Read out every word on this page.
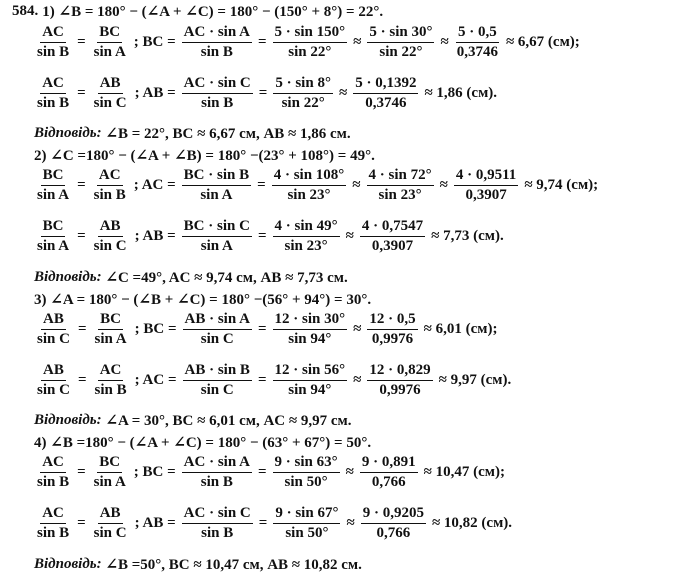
584. 1) ∠B = 180° − (∠A + ∠C) = 180° − (150° + 8°) = 22°.
$\frac{AC}{\text{sin B}} = \frac{BC}{\text{sin A}}$ ; BC = $\frac{\text{AC · sin A}}{\text{sin B}} = \frac{5 \cdot \sin 150^\circ}{\sin 22^\circ} \approx \frac{5 \cdot \sin 30^\circ}{\sin 22^\circ} \approx \frac{5 \cdot 0,5}{0,3746} \approx 6,67$ (см);
$\frac{AC}{\text{sin B}} = \frac{AB}{\text{sin C}}$ ; AB = $\frac{\text{AC · sin C}}{\text{sin B}} = \frac{5 \cdot \sin 8^\circ}{\sin 22^\circ} \approx \frac{5 \cdot 0,1392}{0,3746} \approx 1,86$ (см).
Відповідь:
∠B = 22°, BC ≈ 6,67 см, AB ≈ 1,86 см.
2) ∠C =180° − (∠A + ∠B) = 180° −(23° + 108°) = 49°.
$\frac{BC}{\text{sin A}} = \frac{AC}{\text{sin B}}$ ; AC = $\frac{\text{BC · sin B}}{\text{sin A}} = \frac{4 \cdot \sin 108^\circ}{\sin 23^\circ} \approx \frac{4 \cdot \sin 72^\circ}{\sin 23^\circ} \approx \frac{4 \cdot 0,9511}{0,3907} \approx 9,74$ (см);
$\frac{BC}{\text{sin A}} = \frac{AB}{\text{sin C}}$ ; AB = $\frac{\text{BC · sin C}}{\text{sin A}} = \frac{4 \cdot \sin 49^\circ}{\sin 23^\circ} \approx \frac{4 \cdot 0,7547}{0,3907} \approx 7,73$ (см).
Відповідь:
∠C =49°, AC ≈ 9,74 см, AB ≈ 7,73 см.
3) ∠A = 180° − (∠B + ∠C) = 180° −(56° + 94°) = 30°.
$\frac{AB}{\text{sin C}} = \frac{BC}{\text{sin A}}$ ; BC = $\frac{\text{AB · sin A}}{\text{sin C}} = \frac{12 \cdot \sin 30^\circ}{\sin 94^\circ} \approx \frac{12 \cdot 0,5}{0,9976} \approx 6,01$ (см);
$\frac{AB}{\text{sin C}} = \frac{AC}{\text{sin B}}$ ; AC = $\frac{\text{AB · sin B}}{\text{sin C}} = \frac{12 \cdot \sin 56^\circ}{\sin 94^\circ} \approx \frac{12 \cdot 0,829}{0,9976} \approx 9,97$ (см).
Відповідь:
∠A = 30°, BC ≈ 6,01 см, AC ≈ 9,97 см.
4) ∠B =180° − (∠A + ∠C) = 180° − (63° + 67°) = 50°.
$\frac{AC}{\text{sin B}} = \frac{BC}{\text{sin A}}$ ; BC = $\frac{\text{AC · sin A}}{\text{sin B}} = \frac{9 \cdot \sin 63^\circ}{\sin 50^\circ} \approx \frac{9 \cdot 0,891}{0,766} \approx 10,47$ (см);
$\frac{AC}{\text{sin B}} = \frac{AB}{\text{sin C}}$ ; AB = $\frac{\text{AC · sin C}}{\text{sin B}} = \frac{9 \cdot \sin 67^\circ}{\sin 50^\circ} \approx \frac{9 \cdot 0,9205}{0,766} \approx 10,82$ (см).
Відповідь:
∠B =50°, BC ≈ 10,47 см, AB ≈ 10,82 см.
